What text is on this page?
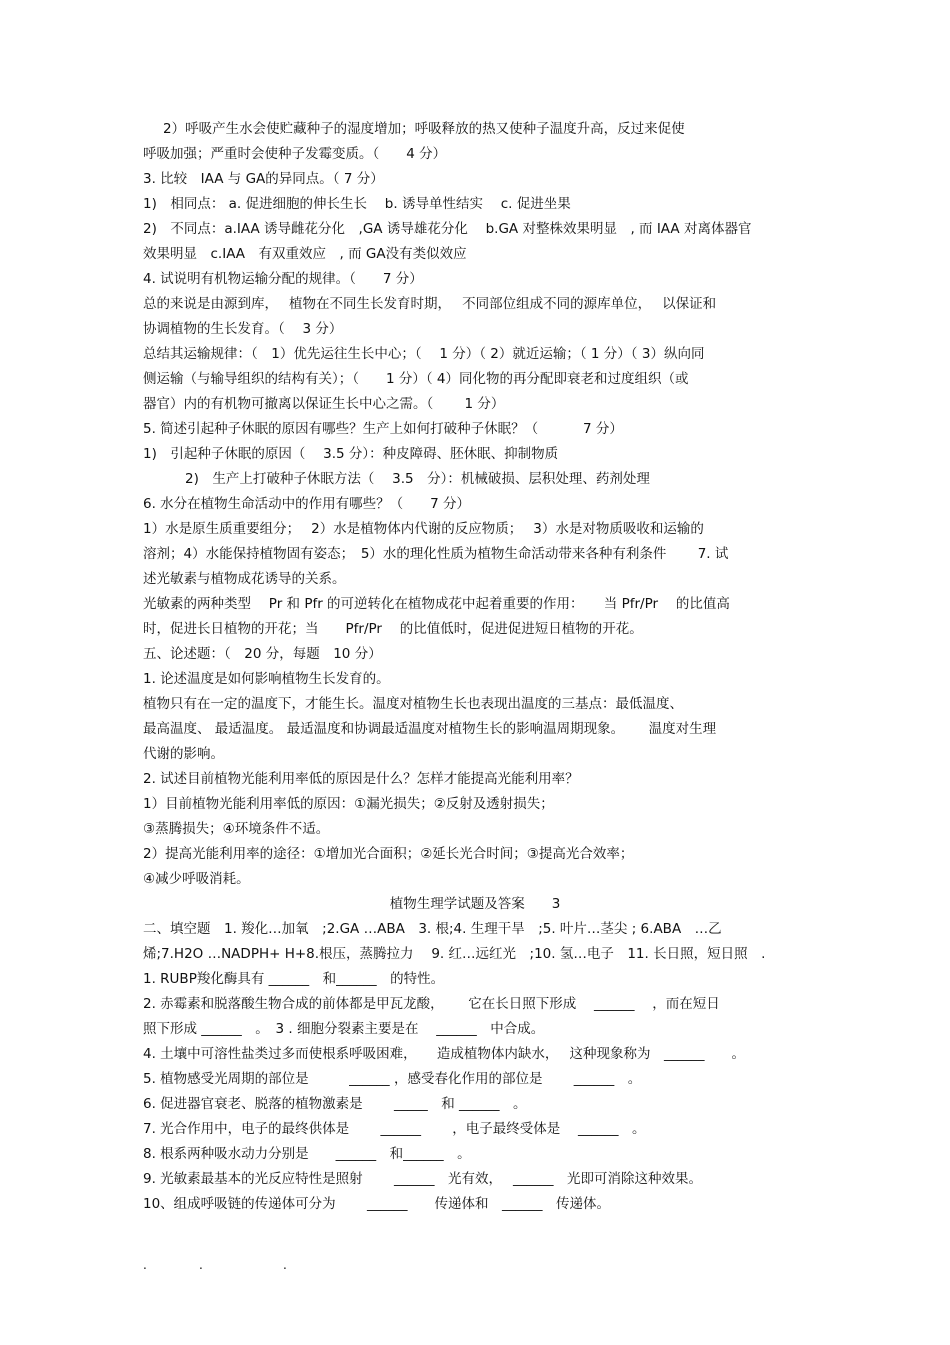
2）呼吸产生水会使贮藏种子的湿度增加；呼吸释放的热又使种子温度升高，反过来促使
呼吸加强；严重时会使种子发霉变质。（　　4 分）
3. 比较　IAA 与 GA的异同点。（ 7 分）
1)　相同点： a. 促进细胞的伸长生长　 b. 诱导单性结实　 c. 促进坐果
2)　不同点：a.IAA 诱导雌花分化　,GA 诱导雄花分化　 b.GA 对整株效果明显　, 而 IAA 对离体器官
效果明显　c.IAA　有双重效应　, 而 GA没有类似效应
4. 试说明有机物运输分配的规律。（　　7 分）
总的来说是由源到库，　 植物在不同生长发育时期，　 不同部位组成不同的源库单位，　 以保证和
协调植物的生长发育。（　 3 分）
总结其运输规律：（　1）优先运往生长中心；（　 1 分）（ 2）就近运输；（ 1 分）（ 3）纵向同
侧运输（与输导组织的结构有关）；（　　1 分）（ 4）同化物的再分配即衰老和过度组织（或
器官）内的有机物可撤离以保证生长中心之需。（　　 1 分）
5. 简述引起种子休眠的原因有哪些？生产上如何打破种子休眠？（　　　 7 分）
1)　引起种子休眠的原因（　 3.5 分）：种皮障碍、胚休眠、抑制物质
2)　生产上打破种子休眠方法（　 3.5　分）：机械破损、层积处理、药剂处理
6. 水分在植物生命活动中的作用有哪些？（　　7 分）
1）水是原生质重要组分；　 2）水是植物体内代谢的反应物质；　 3）水是对物质吸收和运输的
溶剂；4）水能保持植物固有姿态；　5）水的理化性质为植物生命活动带来各种有利条件　　 7. 试
述光敏素与植物成花诱导的关系。
光敏素的两种类型　 Pr 和 Pfr 的可逆转化在植物成花中起着重要的作用：　　当 Pfr/Pr　 的比值高
时，促进长日植物的开花；当　　Pfr/Pr　 的比值低时，促进促进短日植物的开花。
五、论述题：（　20 分，每题　10 分）
1. 论述温度是如何影响植物生长发育的。
植物只有在一定的温度下，才能生长。温度对植物生长也表现出温度的三基点：最低温度、
最高温度、 最适温度。 最适温度和协调最适温度对植物生长的影响温周期现象。　　 温度对生理
代谢的影响。
2. 试述目前植物光能利用率低的原因是什么？怎样才能提高光能利用率？
1）目前植物光能利用率低的原因：①漏光损失；②反射及透射损失；
③蒸腾损失；④环境条件不适。
2）提高光能利用率的途径：①增加光合面积；②延长光合时间；③提高光合效率；
④减少呼吸消耗。
植物生理学试题及答案　　3
二、填空题　1. 羧化…加氧　;2.GA …ABA　3. 根;4. 生理干旱　;5. 叶片…茎尖 ; 6.ABA　…乙
烯;7.H2O …NADPH+ H+8.根压，蒸腾拉力　 9. 红…远红光　;10. 氢…电子　11. 长日照，短日照　.
1. RUBP羧化酶具有 ______　和______　的特性。
2. 赤霉素和脱落酸生物合成的前体都是甲瓦龙酸，　　 它在长日照下形成　 ______　 ，而在短日
照下形成 ______　。　3 . 细胞分裂素主要是在　 ______　中合成。
4. 土壤中可溶性盐类过多而使根系呼吸困难，　　造成植物体内缺水，　 这种现象称为　______　　。
5. 植物感受光周期的部位是　　　______ ，感受春化作用的部位是　　 ______　。
6. 促进器官衰老、脱落的植物激素是　　 _____　和 ______　。
7. 光合作用中，电子的最终供体是　　 ______　　 ，电子最终受体是　 ______　。
8. 根系两种吸水动力分别是　　______　和______　。
9. 光敏素最基本的光反应特性是照射　　 ______　光有效，　 ______　光即可消除这种效果。
10、组成呼吸链的传递体可分为　　 ______　　传递体和　______　传递体。
.	.	.
